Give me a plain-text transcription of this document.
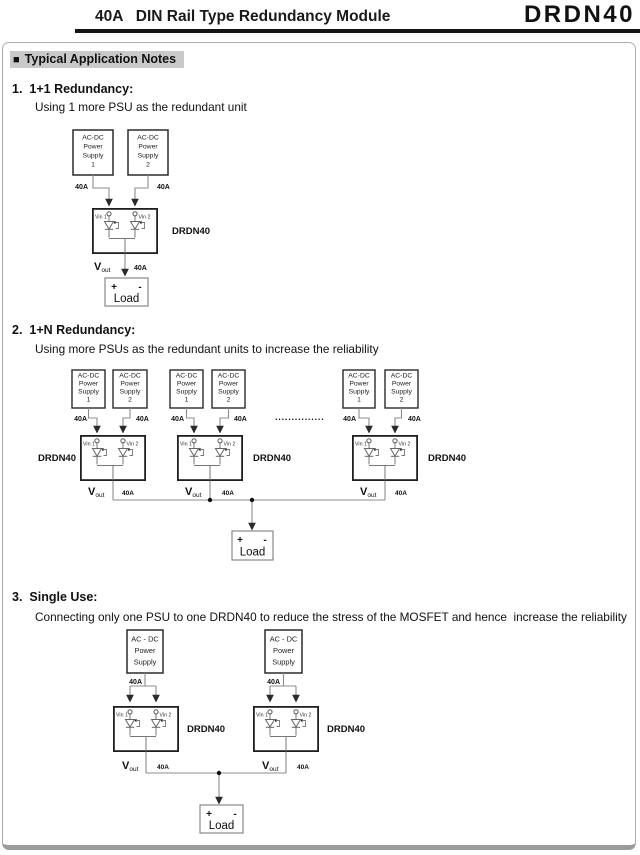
40A   DIN Rail Type Redundancy Module	DRDN40
■ Typical Application Notes
1. 1+1 Redundancy:
Using 1 more PSU as the redundant unit
2. 1+N Redundancy:
Using more PSUs as the redundant units to increase the reliability
3. Single Use:
Connecting only one PSU to one DRDN40 to reduce the stress of the MOSFET and hence  increase the reliability
AC-DC
Power
Supply
1
AC-DC
Power
Supply
2
40A	40A
Vin 1	Vin 2
DRDN40
Vout	40A
+ -
Load
AC-DC
Power
Supply
1
AC-DC
Power
Supply
2
AC-DC
Power
Supply
1
AC-DC
Power
Supply
2
...............
AC-DC
Power
Supply
1
AC-DC
Power
Supply
2
40A	40A	40A	40A	40A	40A
Vin 1	Vin 2	Vin 1	Vin 2	Vin 1	Vin 2
DRDN40	DRDN40	DRDN40
Vout	Vout	Vout
40A	40A	40A
+ -
Load
AC - DC
Power
Supply
AC - DC
Power
Supply
40A	40A
Vin 1	Vin 2	Vin 1	Vin 2
DRDN40	DRDN40
Vout	Vout
40A	40A
+ -
Load
